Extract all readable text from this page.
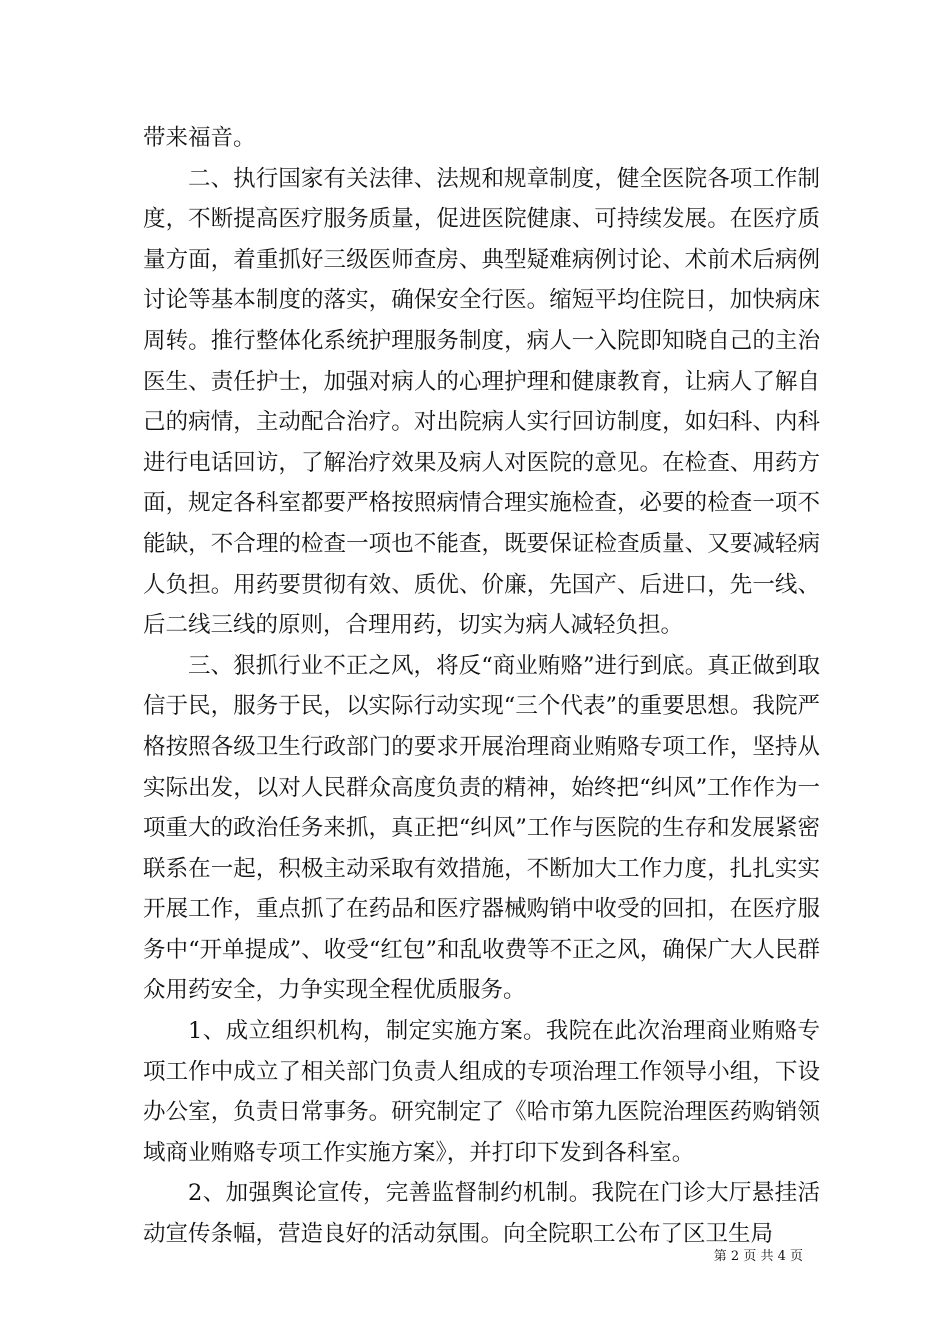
带来福音。

二、执行国家有关法律、法规和规章制度，健全医院各项工作制度，不断提高医疗服务质量，促进医院健康、可持续发展。在医疗质量方面，着重抓好三级医师查房、典型疑难病例讨论、术前术后病例讨论等基本制度的落实，确保安全行医。缩短平均住院日，加快病床周转。推行整体化系统护理服务制度，病人一入院即知晓自己的主治医生、责任护士，加强对病人的心理护理和健康教育，让病人了解自己的病情，主动配合治疗。对出院病人实行回访制度，如妇科、内科进行电话回访，了解治疗效果及病人对医院的意见。在检查、用药方面，规定各科室都要严格按照病情合理实施检查，必要的检查一项不能缺，不合理的检查一项也不能查，既要保证检查质量、又要减轻病人负担。用药要贯彻有效、质优、价廉，先国产、后进口，先一线、后二线三线的原则，合理用药，切实为病人减轻负担。

三、狠抓行业不正之风，将反“商业贿赂”进行到底。真正做到取信于民，服务于民，以实际行动实现“三个代表”的重要思想。我院严格按照各级卫生行政部门的要求开展治理商业贿赂专项工作，坚持从实际出发，以对人民群众高度负责的精神，始终把“纠风”工作作为一项重大的政治任务来抓，真正把“纠风”工作与医院的生存和发展紧密联系在一起，积极主动采取有效措施，不断加大工作力度，扎扎实实开展工作，重点抓了在药品和医疗器械购销中收受的回扣，在医疗服务中“开单提成”、收受“红包”和乱收费等不正之风，确保广大人民群众用药安全，力争实现全程优质服务。

1、成立组织机构，制定实施方案。我院在此次治理商业贿赂专项工作中成立了相关部门负责人组成的专项治理工作领导小组，下设办公室，负责日常事务。研究制定了《哈市第九医院治理医药购销领域商业贿赂专项工作实施方案》，并打印下发到各科室。

2、加强舆论宣传，完善监督制约机制。我院在门诊大厅悬挂活动宣传条幅，营造良好的活动氛围。向全院职工公布了区卫生局

第 2 页 共 4 页
